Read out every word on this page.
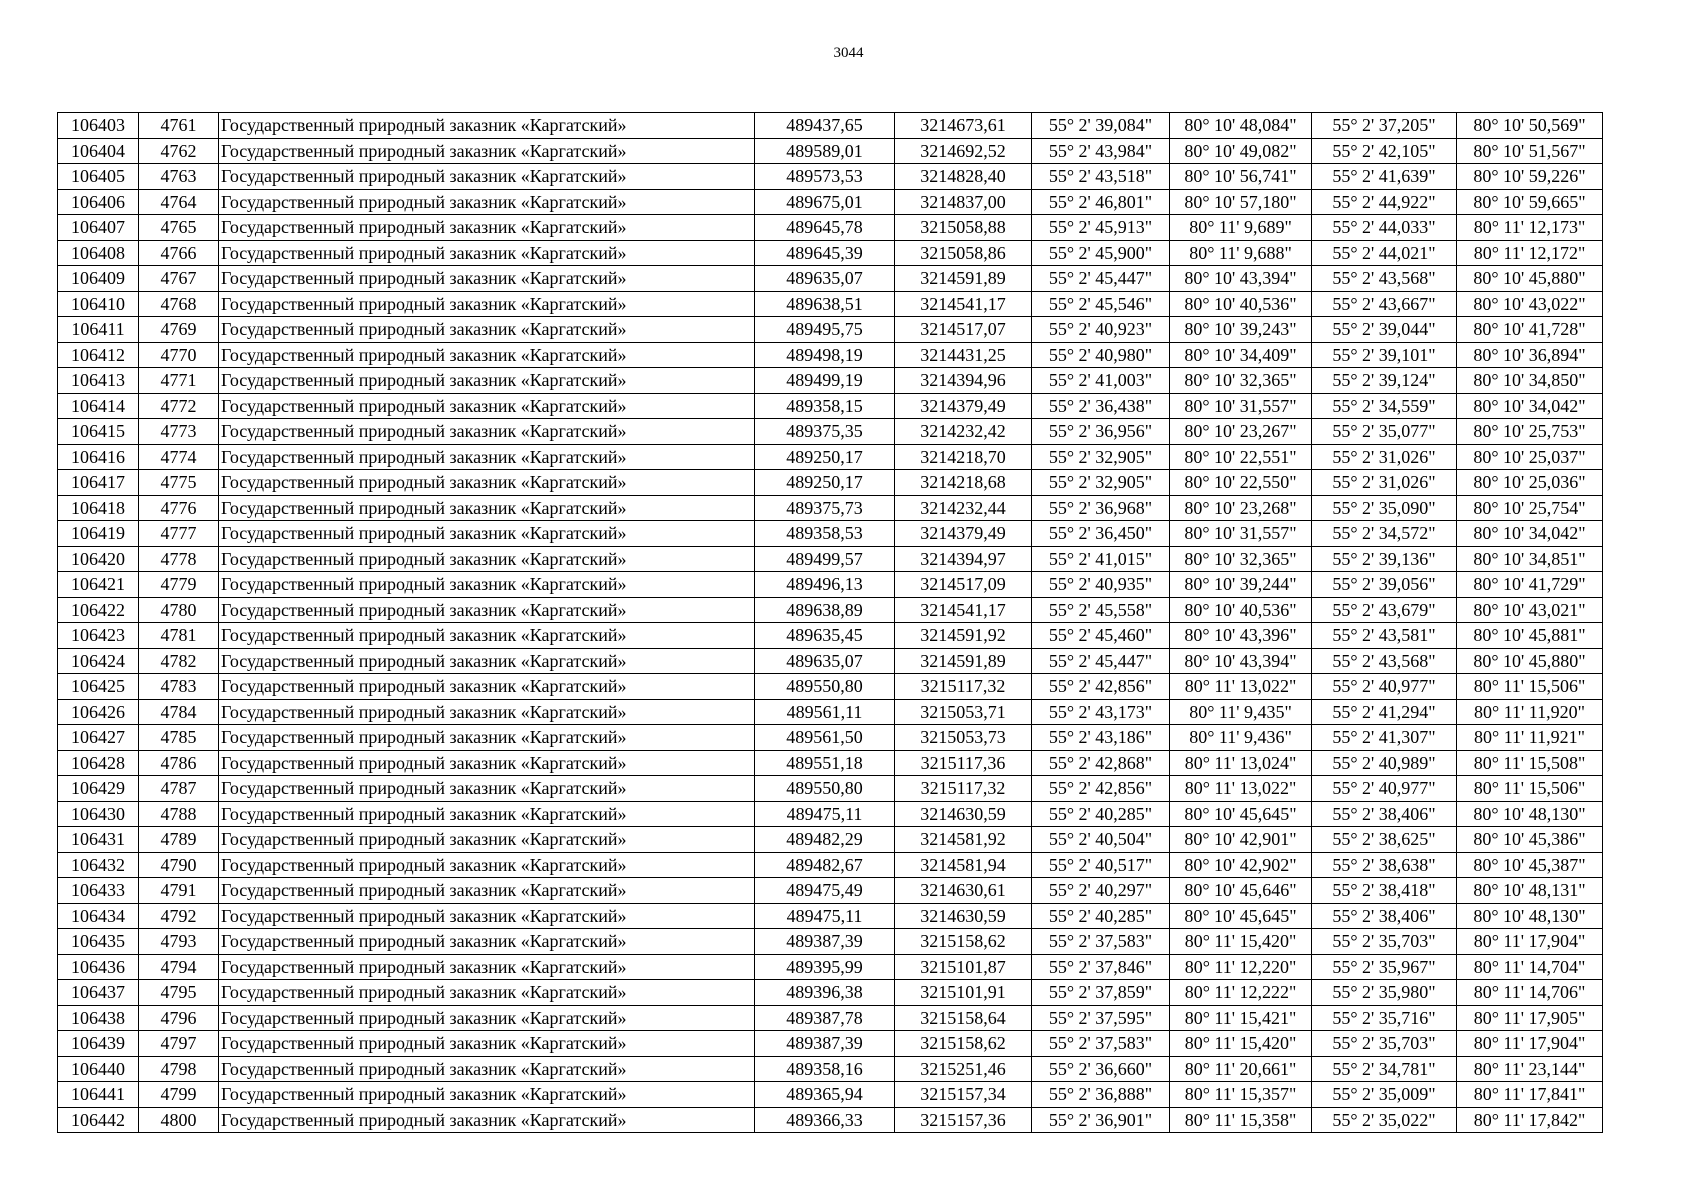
3044
106403	4761	Государственный природный заказник «Каргатский»	489437,65	3214673,61	55° 2' 39,084"	80° 10' 48,084"	55° 2' 37,205"	80° 10' 50,569"
106404	4762	Государственный природный заказник «Каргатский»	489589,01	3214692,52	55° 2' 43,984"	80° 10' 49,082"	55° 2' 42,105"	80° 10' 51,567"
106405	4763	Государственный природный заказник «Каргатский»	489573,53	3214828,40	55° 2' 43,518"	80° 10' 56,741"	55° 2' 41,639"	80° 10' 59,226"
106406	4764	Государственный природный заказник «Каргатский»	489675,01	3214837,00	55° 2' 46,801"	80° 10' 57,180"	55° 2' 44,922"	80° 10' 59,665"
106407	4765	Государственный природный заказник «Каргатский»	489645,78	3215058,88	55° 2' 45,913"	80° 11' 9,689"	55° 2' 44,033"	80° 11' 12,173"
106408	4766	Государственный природный заказник «Каргатский»	489645,39	3215058,86	55° 2' 45,900"	80° 11' 9,688"	55° 2' 44,021"	80° 11' 12,172"
106409	4767	Государственный природный заказник «Каргатский»	489635,07	3214591,89	55° 2' 45,447"	80° 10' 43,394"	55° 2' 43,568"	80° 10' 45,880"
106410	4768	Государственный природный заказник «Каргатский»	489638,51	3214541,17	55° 2' 45,546"	80° 10' 40,536"	55° 2' 43,667"	80° 10' 43,022"
106411	4769	Государственный природный заказник «Каргатский»	489495,75	3214517,07	55° 2' 40,923"	80° 10' 39,243"	55° 2' 39,044"	80° 10' 41,728"
106412	4770	Государственный природный заказник «Каргатский»	489498,19	3214431,25	55° 2' 40,980"	80° 10' 34,409"	55° 2' 39,101"	80° 10' 36,894"
106413	4771	Государственный природный заказник «Каргатский»	489499,19	3214394,96	55° 2' 41,003"	80° 10' 32,365"	55° 2' 39,124"	80° 10' 34,850"
106414	4772	Государственный природный заказник «Каргатский»	489358,15	3214379,49	55° 2' 36,438"	80° 10' 31,557"	55° 2' 34,559"	80° 10' 34,042"
106415	4773	Государственный природный заказник «Каргатский»	489375,35	3214232,42	55° 2' 36,956"	80° 10' 23,267"	55° 2' 35,077"	80° 10' 25,753"
106416	4774	Государственный природный заказник «Каргатский»	489250,17	3214218,70	55° 2' 32,905"	80° 10' 22,551"	55° 2' 31,026"	80° 10' 25,037"
106417	4775	Государственный природный заказник «Каргатский»	489250,17	3214218,68	55° 2' 32,905"	80° 10' 22,550"	55° 2' 31,026"	80° 10' 25,036"
106418	4776	Государственный природный заказник «Каргатский»	489375,73	3214232,44	55° 2' 36,968"	80° 10' 23,268"	55° 2' 35,090"	80° 10' 25,754"
106419	4777	Государственный природный заказник «Каргатский»	489358,53	3214379,49	55° 2' 36,450"	80° 10' 31,557"	55° 2' 34,572"	80° 10' 34,042"
106420	4778	Государственный природный заказник «Каргатский»	489499,57	3214394,97	55° 2' 41,015"	80° 10' 32,365"	55° 2' 39,136"	80° 10' 34,851"
106421	4779	Государственный природный заказник «Каргатский»	489496,13	3214517,09	55° 2' 40,935"	80° 10' 39,244"	55° 2' 39,056"	80° 10' 41,729"
106422	4780	Государственный природный заказник «Каргатский»	489638,89	3214541,17	55° 2' 45,558"	80° 10' 40,536"	55° 2' 43,679"	80° 10' 43,021"
106423	4781	Государственный природный заказник «Каргатский»	489635,45	3214591,92	55° 2' 45,460"	80° 10' 43,396"	55° 2' 43,581"	80° 10' 45,881"
106424	4782	Государственный природный заказник «Каргатский»	489635,07	3214591,89	55° 2' 45,447"	80° 10' 43,394"	55° 2' 43,568"	80° 10' 45,880"
106425	4783	Государственный природный заказник «Каргатский»	489550,80	3215117,32	55° 2' 42,856"	80° 11' 13,022"	55° 2' 40,977"	80° 11' 15,506"
106426	4784	Государственный природный заказник «Каргатский»	489561,11	3215053,71	55° 2' 43,173"	80° 11' 9,435"	55° 2' 41,294"	80° 11' 11,920"
106427	4785	Государственный природный заказник «Каргатский»	489561,50	3215053,73	55° 2' 43,186"	80° 11' 9,436"	55° 2' 41,307"	80° 11' 11,921"
106428	4786	Государственный природный заказник «Каргатский»	489551,18	3215117,36	55° 2' 42,868"	80° 11' 13,024"	55° 2' 40,989"	80° 11' 15,508"
106429	4787	Государственный природный заказник «Каргатский»	489550,80	3215117,32	55° 2' 42,856"	80° 11' 13,022"	55° 2' 40,977"	80° 11' 15,506"
106430	4788	Государственный природный заказник «Каргатский»	489475,11	3214630,59	55° 2' 40,285"	80° 10' 45,645"	55° 2' 38,406"	80° 10' 48,130"
106431	4789	Государственный природный заказник «Каргатский»	489482,29	3214581,92	55° 2' 40,504"	80° 10' 42,901"	55° 2' 38,625"	80° 10' 45,386"
106432	4790	Государственный природный заказник «Каргатский»	489482,67	3214581,94	55° 2' 40,517"	80° 10' 42,902"	55° 2' 38,638"	80° 10' 45,387"
106433	4791	Государственный природный заказник «Каргатский»	489475,49	3214630,61	55° 2' 40,297"	80° 10' 45,646"	55° 2' 38,418"	80° 10' 48,131"
106434	4792	Государственный природный заказник «Каргатский»	489475,11	3214630,59	55° 2' 40,285"	80° 10' 45,645"	55° 2' 38,406"	80° 10' 48,130"
106435	4793	Государственный природный заказник «Каргатский»	489387,39	3215158,62	55° 2' 37,583"	80° 11' 15,420"	55° 2' 35,703"	80° 11' 17,904"
106436	4794	Государственный природный заказник «Каргатский»	489395,99	3215101,87	55° 2' 37,846"	80° 11' 12,220"	55° 2' 35,967"	80° 11' 14,704"
106437	4795	Государственный природный заказник «Каргатский»	489396,38	3215101,91	55° 2' 37,859"	80° 11' 12,222"	55° 2' 35,980"	80° 11' 14,706"
106438	4796	Государственный природный заказник «Каргатский»	489387,78	3215158,64	55° 2' 37,595"	80° 11' 15,421"	55° 2' 35,716"	80° 11' 17,905"
106439	4797	Государственный природный заказник «Каргатский»	489387,39	3215158,62	55° 2' 37,583"	80° 11' 15,420"	55° 2' 35,703"	80° 11' 17,904"
106440	4798	Государственный природный заказник «Каргатский»	489358,16	3215251,46	55° 2' 36,660"	80° 11' 20,661"	55° 2' 34,781"	80° 11' 23,144"
106441	4799	Государственный природный заказник «Каргатский»	489365,94	3215157,34	55° 2' 36,888"	80° 11' 15,357"	55° 2' 35,009"	80° 11' 17,841"
106442	4800	Государственный природный заказник «Каргатский»	489366,33	3215157,36	55° 2' 36,901"	80° 11' 15,358"	55° 2' 35,022"	80° 11' 17,842"
